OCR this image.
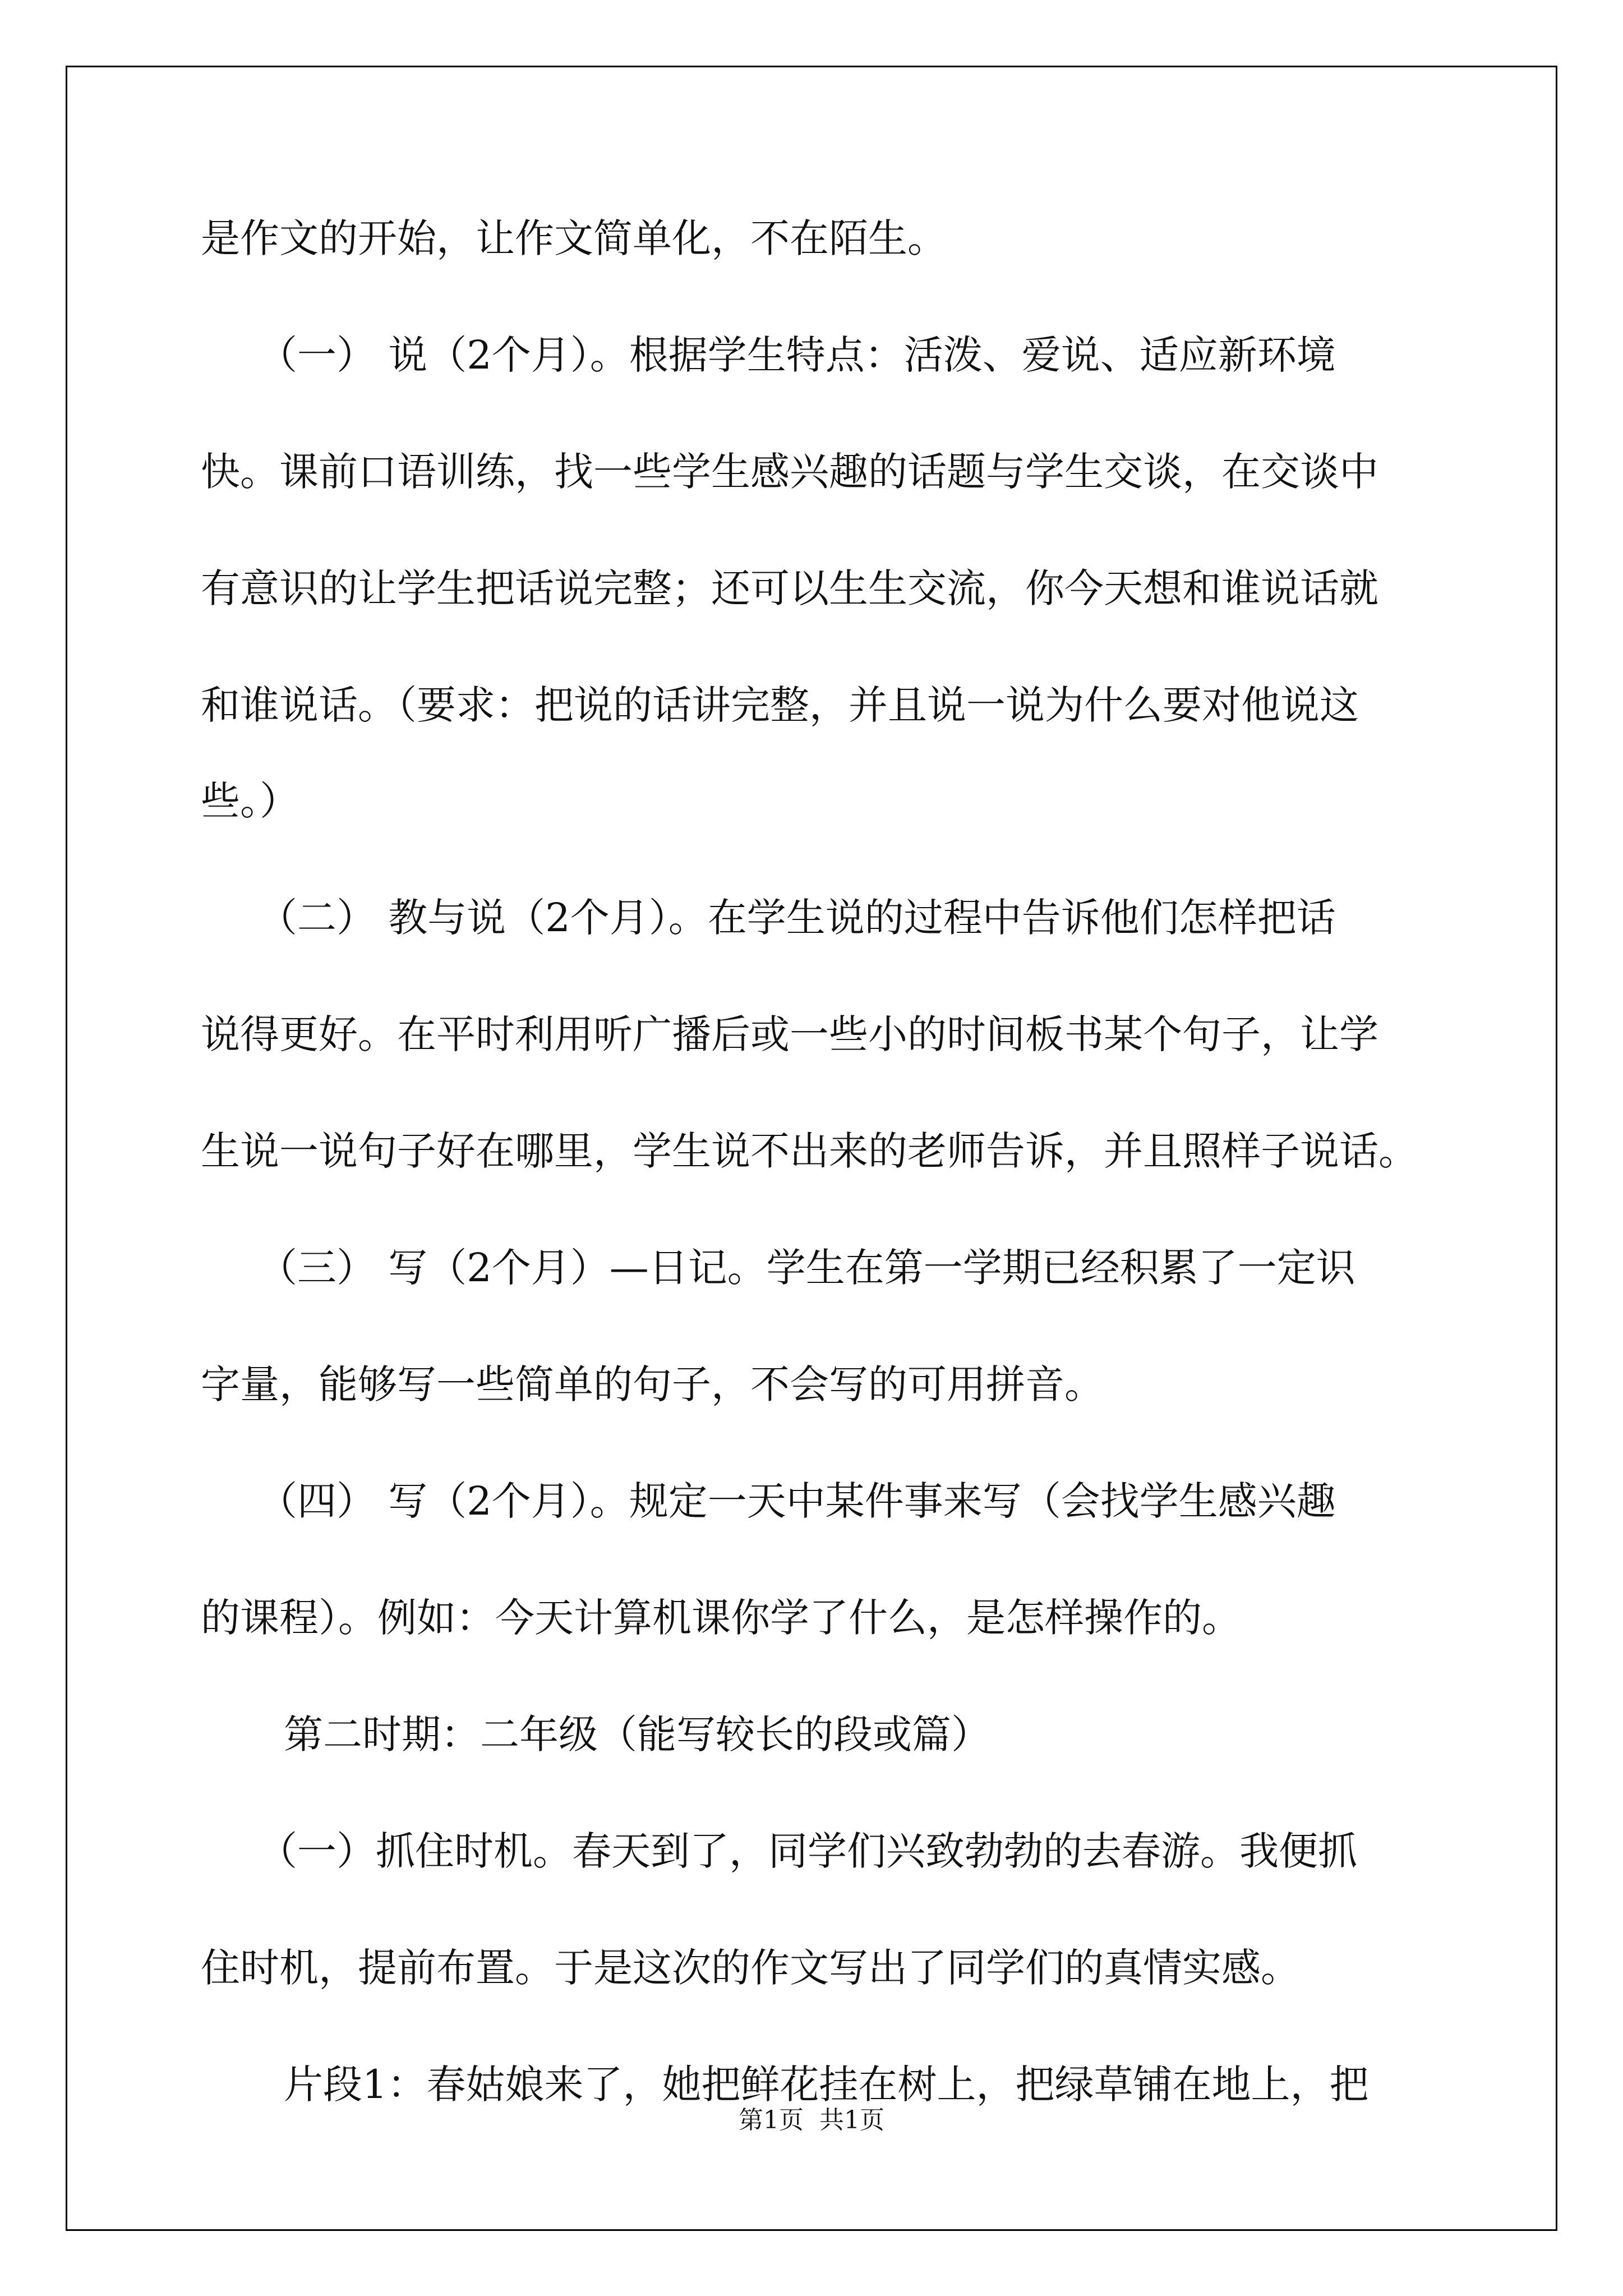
是作文的开始，让作文简单化，不在陌生。
（一） 说（2个月）。根据学生特点：活泼、爱说、适应新环境
快。课前口语训练，找一些学生感兴趣的话题与学生交谈，在交谈中
有意识的让学生把话说完整；还可以生生交流，你今天想和谁说话就
和谁说话。（要求：把说的话讲完整，并且说一说为什么要对他说这
些。）
（二） 教与说（2个月）。在学生说的过程中告诉他们怎样把话
说得更好。在平时利用听广播后或一些小的时间板书某个句子，让学
生说一说句子好在哪里，学生说不出来的老师告诉，并且照样子说话。
（三） 写（2个月）—日记。学生在第一学期已经积累了一定识
字量，能够写一些简单的句子，不会写的可用拼音。
（四） 写（2个月）。规定一天中某件事来写（会找学生感兴趣
的课程）。例如：今天计算机课你学了什么，是怎样操作的。
第二时期：二年级（能写较长的段或篇）
（一）抓住时机。春天到了，同学们兴致勃勃的去春游。我便抓
住时机，提前布置。于是这次的作文写出了同学们的真情实感。
片段1：春姑娘来了，她把鲜花挂在树上，把绿草铺在地上，把
第1页  共1页
